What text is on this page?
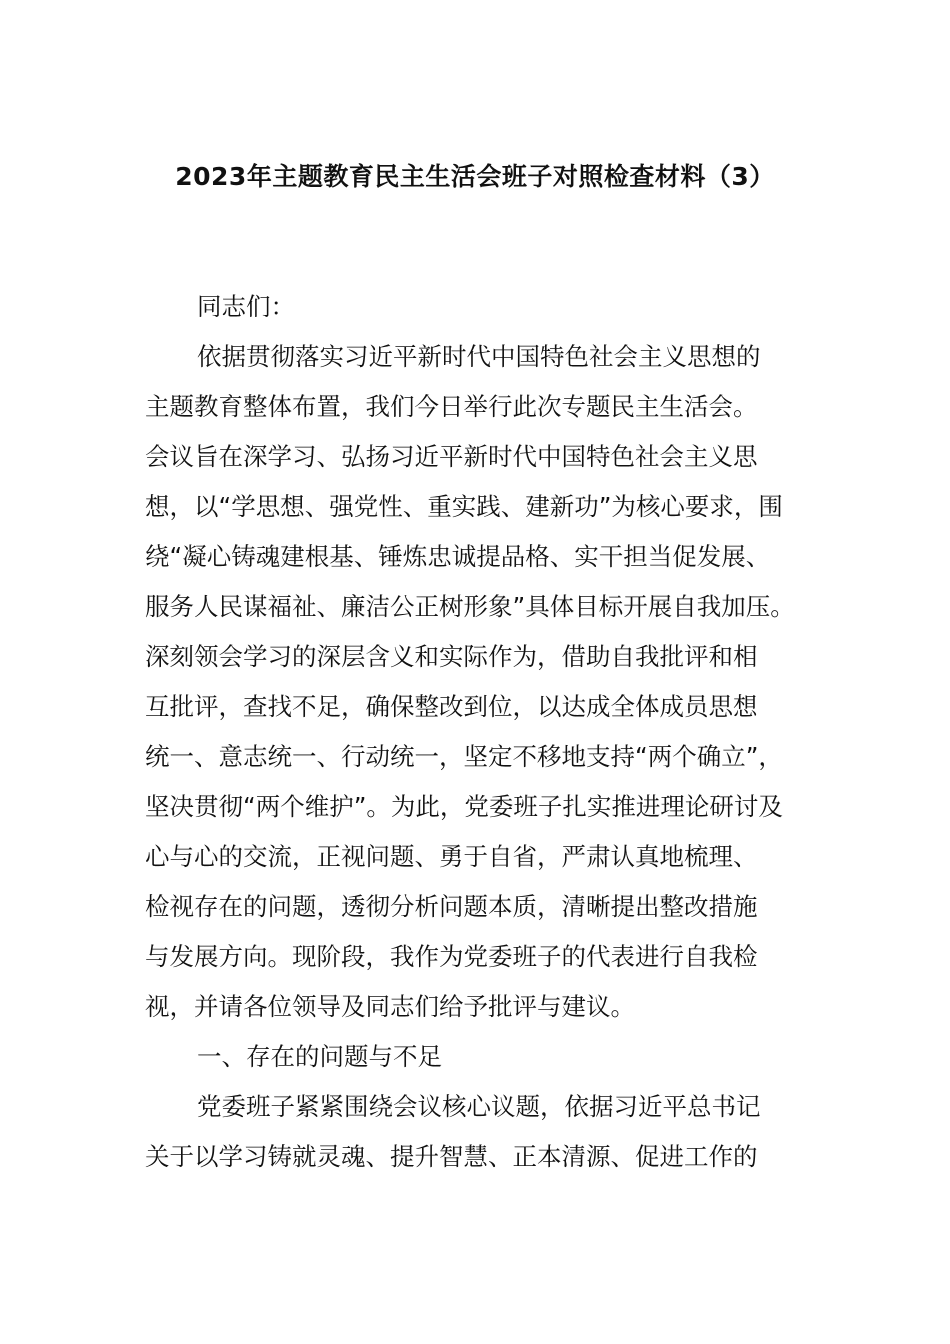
2023年主题教育民主生活会班子对照检查材料（3）
同志们：
依据贯彻落实习近平新时代中国特色社会主义思想的
主题教育整体布置，我们今日举行此次专题民主生活会。
会议旨在深学习、弘扬习近平新时代中国特色社会主义思
想，以“学思想、强党性、重实践、建新功”为核心要求，围
绕“凝心铸魂建根基、锤炼忠诚提品格、实干担当促发展、
服务人民谋福祉、廉洁公正树形象”具体目标开展自我加压。
深刻领会学习的深层含义和实际作为，借助自我批评和相
互批评，查找不足，确保整改到位，以达成全体成员思想
统一、意志统一、行动统一，坚定不移地支持“两个确立”，
坚决贯彻“两个维护”。为此，党委班子扎实推进理论研讨及
心与心的交流，正视问题、勇于自省，严肃认真地梳理、
检视存在的问题，透彻分析问题本质，清晰提出整改措施
与发展方向。现阶段，我作为党委班子的代表进行自我检
视，并请各位领导及同志们给予批评与建议。
一、存在的问题与不足
党委班子紧紧围绕会议核心议题，依据习近平总书记
关于以学习铸就灵魂、提升智慧、正本清源、促进工作的
